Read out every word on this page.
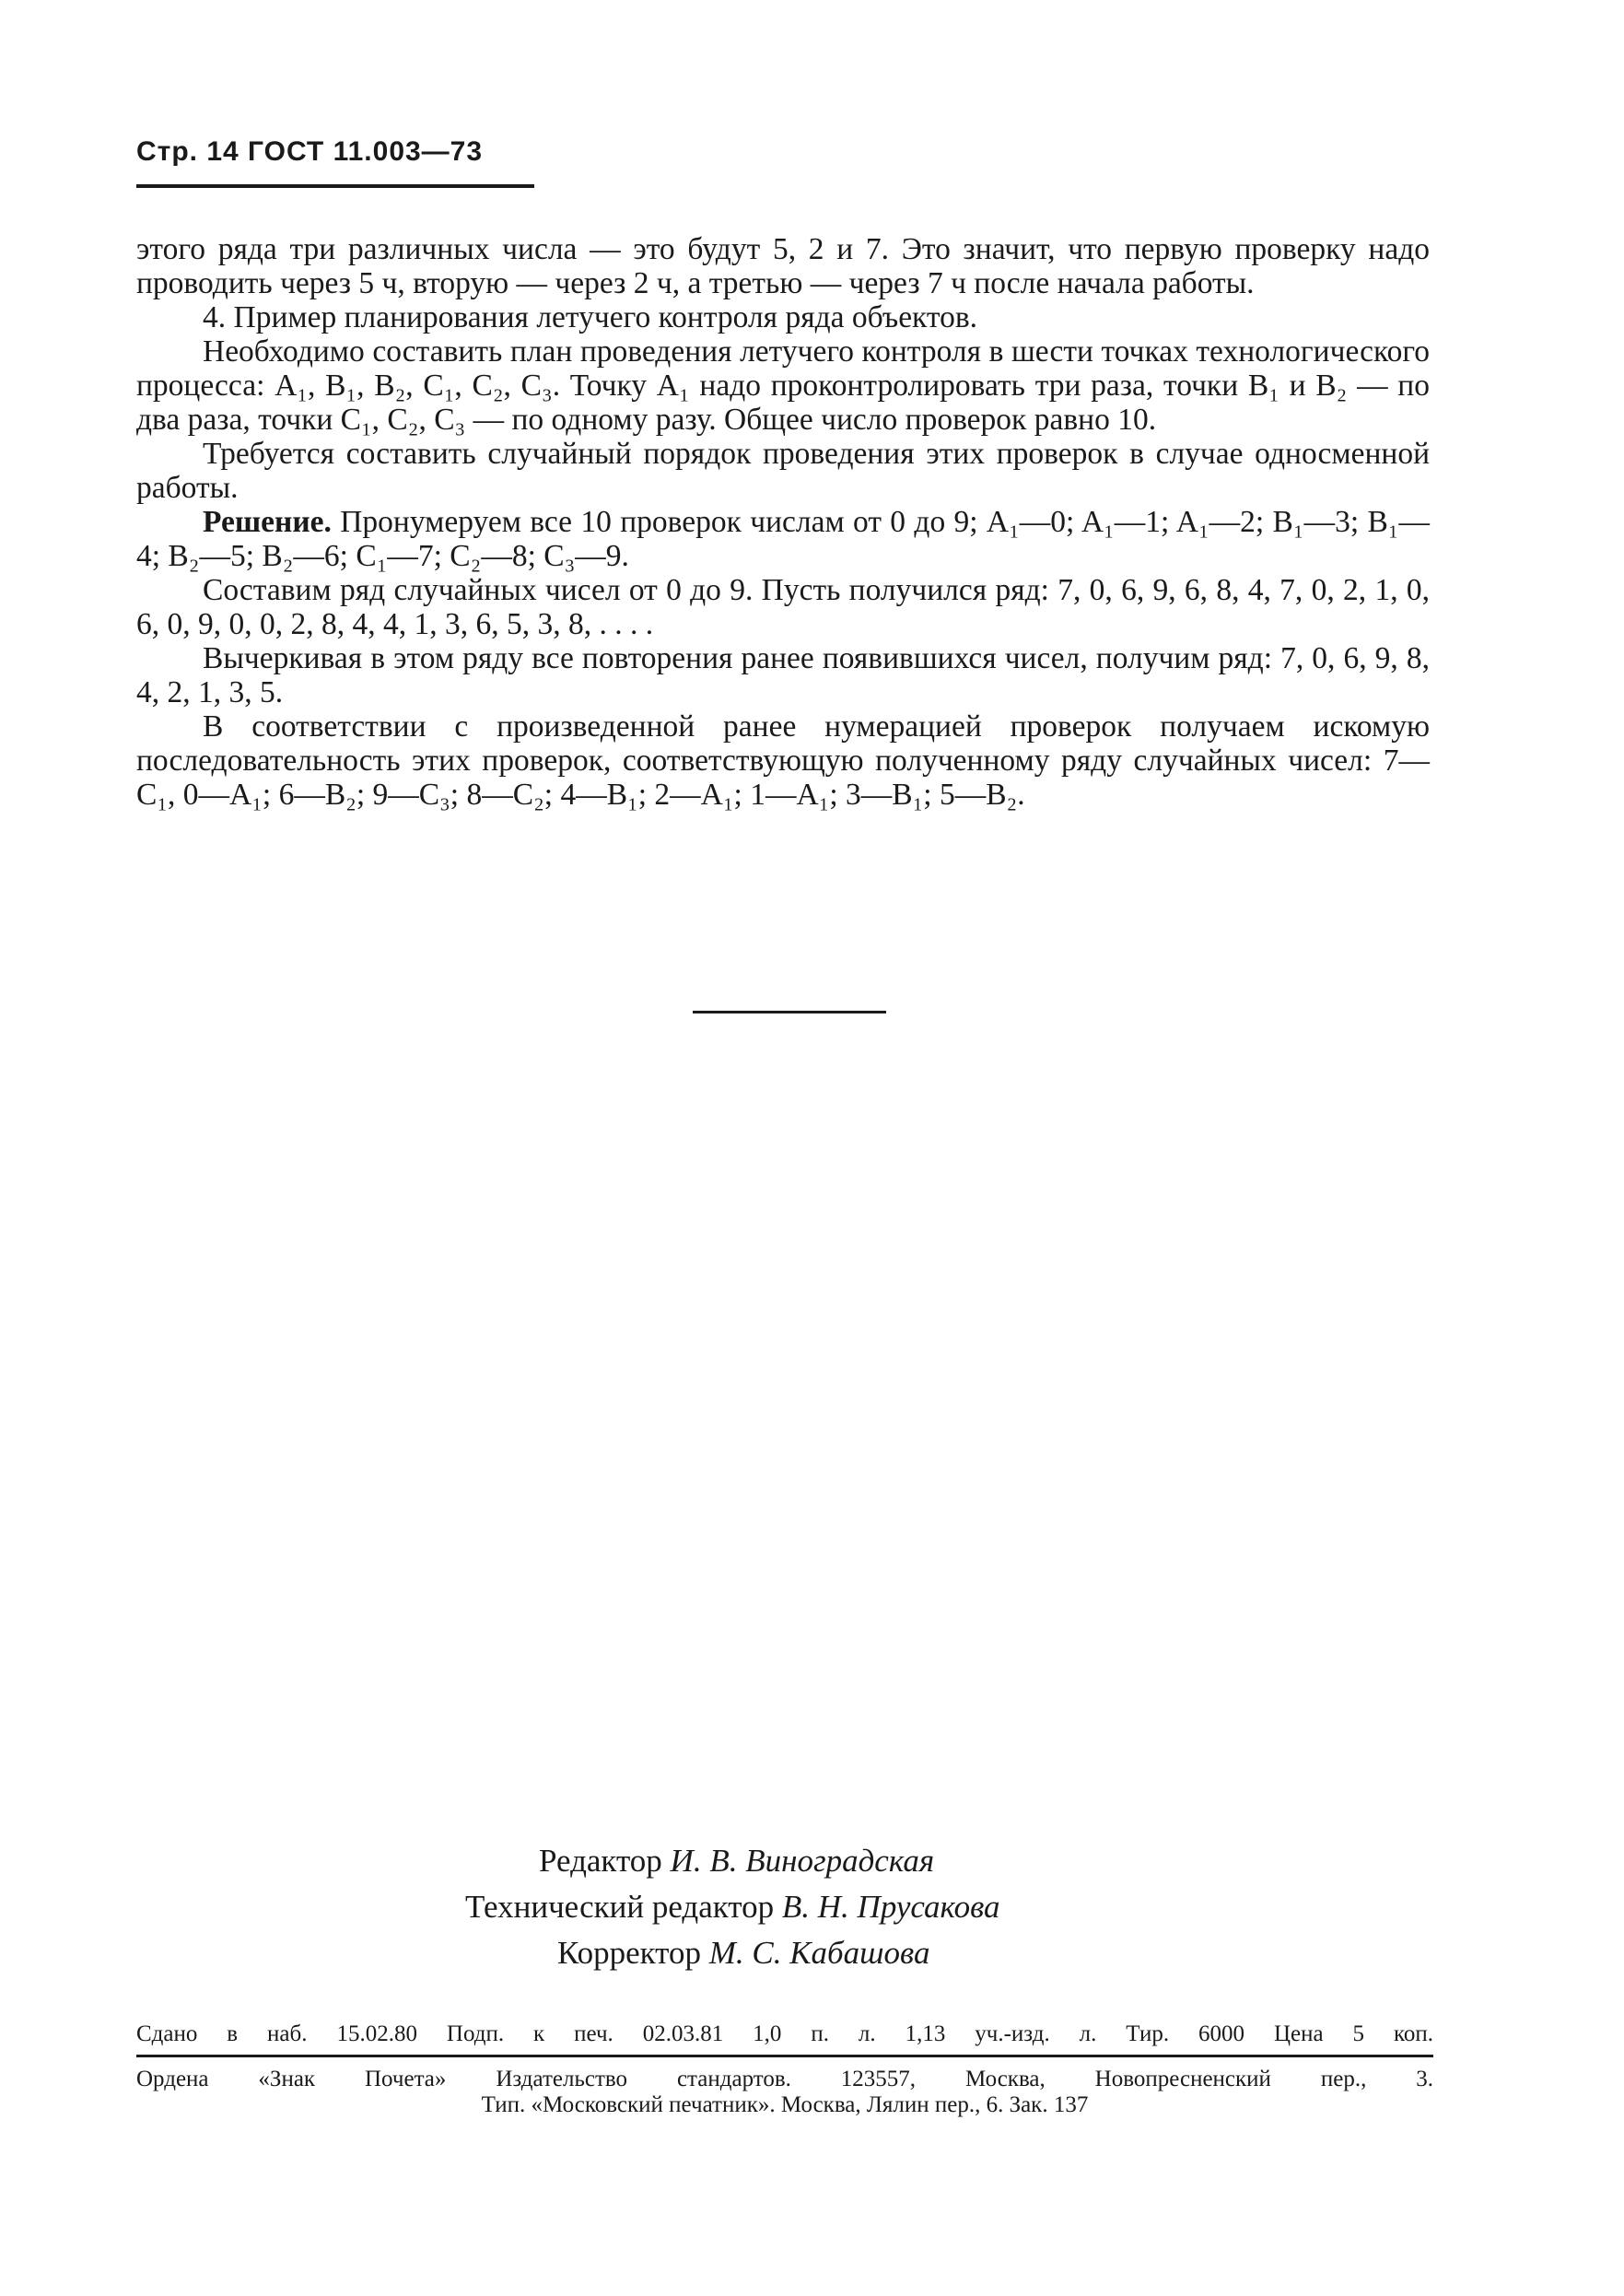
Стр. 14 ГОСТ 11.003—73

этого ряда три различных числа — это будут 5, 2 и 7. Это значит, что первую проверку надо проводить через 5 ч, вторую — через 2 ч, а третью — через 7 ч после начала работы.

4. Пример планирования летучего контроля ряда объектов.

Необходимо составить план проведения летучего контроля в шести точках технологического процесса: A₁, B₁, B₂, C₁, C₂, C₃. Точку A₁ надо проконтролировать три раза, точки B₁ и B₂ — по два раза, точки C₁, C₂, C₃ — по одному разу. Общее число проверок равно 10.

Требуется составить случайный порядок проведения этих проверок в случае односменной работы.

Решение. Пронумеруем все 10 проверок числам от 0 до 9; A₁—0; A₁—1; A₁—2; B₁—3; B₁—4; B₂—5; B₂—6; C₁—7; C₂—8; C₃—9.

Составим ряд случайных чисел от 0 до 9. Пусть получился ряд: 7, 0, 6, 9, 6, 8, 4, 7, 0, 2, 1, 0, 6, 0, 9, 0, 0, 2, 8, 4, 4, 1, 3, 6, 5, 3, 8, . . . .

Вычеркивая в этом ряду все повторения ранее появившихся чисел, получим ряд: 7, 0, 6, 9, 8, 4, 2, 1, 3, 5.

В соответствии с произведенной ранее нумерацией проверок получаем искомую последовательность этих проверок, соответствующую полученному ряду случайных чисел: 7—C₁, 0—A₁; 6—B₂; 9—C₃; 8—C₂; 4—B₁; 2—A₁; 1—A₁; 3—B₁; 5—B₂.

Редактор И. В. Виноградская
Технический редактор В. Н. Прусакова
Корректор М. С. Кабашова
Сдано в наб. 15.02.80 Подп. к печ. 02.03.81 1,0 п. л. 1,13 уч.-изд. л. Тир. 6000 Цена 5 коп.
Ордена «Знак Почета» Издательство стандартов. 123557, Москва, Новопресненский пер., 3.
Тип. «Московский печатник». Москва, Лялин пер., 6. Зак. 137
